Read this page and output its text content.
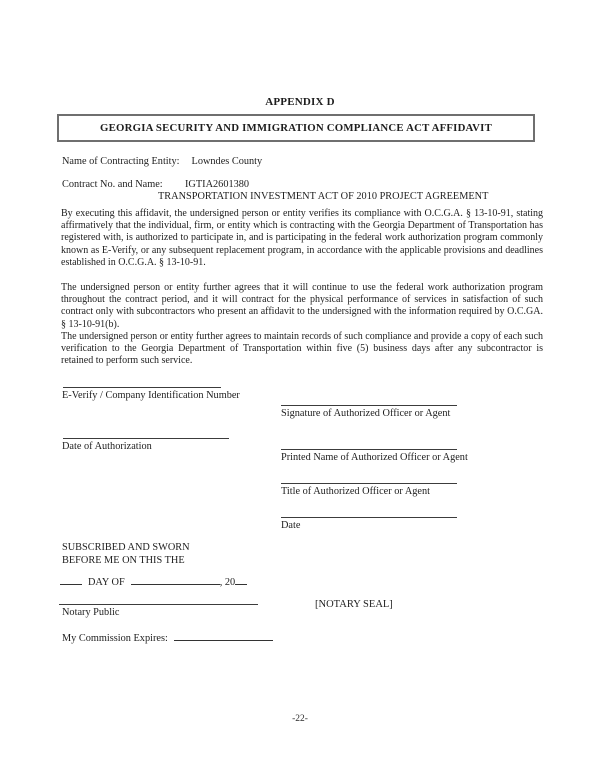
APPENDIX D
GEORGIA SECURITY AND IMMIGRATION COMPLIANCE ACT AFFIDAVIT
Name of Contracting Entity: Lowndes County
Contract No. and Name: IGTIA2601380
TRANSPORTATION INVESTMENT ACT OF 2010 PROJECT AGREEMENT
By executing this affidavit, the undersigned person or entity verifies its compliance with O.C.G.A. § 13-10-91, stating affirmatively that the individual, firm, or entity which is contracting with the Georgia Department of Transportation has registered with, is authorized to participate in, and is participating in the federal work authorization program commonly known as E-Verify, or any subsequent replacement program, in accordance with the applicable provisions and deadlines established in O.C.G.A. § 13-10-91.
The undersigned person or entity further agrees that it will continue to use the federal work authorization program throughout the contract period, and it will contract for the physical performance of services in satisfaction of such contract only with subcontractors who present an affidavit to the undersigned with the information required by O.C.GA. § 13-10-91(b).
The undersigned person or entity further agrees to maintain records of such compliance and provide a copy of each such verification to the Georgia Department of Transportation within five (5) business days after any subcontractor is retained to perform such service.
E-Verify / Company Identification Number
Date of Authorization
Signature of Authorized Officer or Agent
Printed Name of Authorized Officer or Agent
Title of Authorized Officer or Agent
Date
SUBSCRIBED AND SWORN
BEFORE ME ON THIS THE
DAY OF	, 20
Notary Public
[NOTARY SEAL]
My Commission Expires:
-22-
